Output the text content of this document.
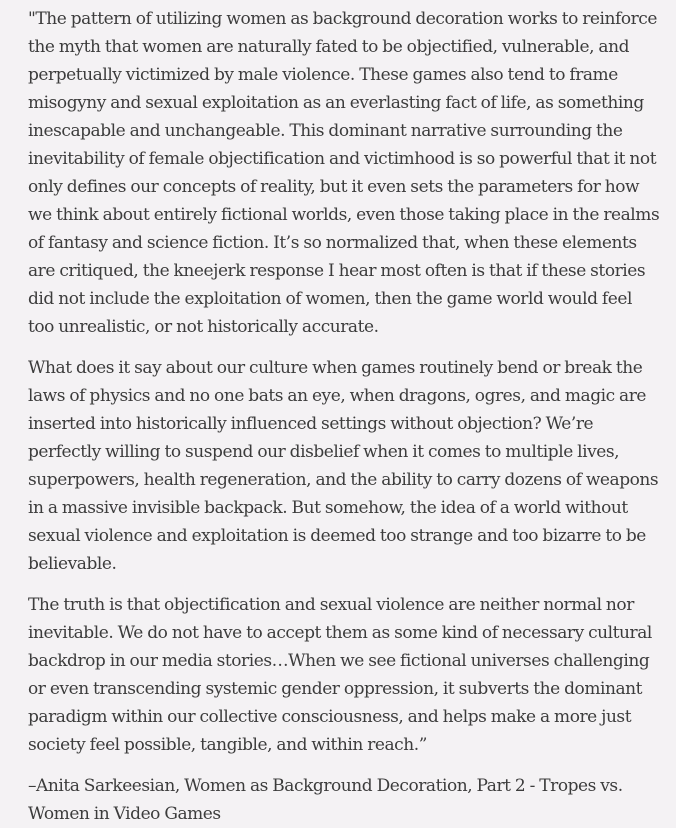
"The pattern of utilizing women as background decoration works to reinforce the myth that women are naturally fated to be objectified, vulnerable, and perpetually victimized by male violence. These games also tend to frame misogyny and sexual exploitation as an everlasting fact of life, as something inescapable and unchangeable. This dominant narrative surrounding the inevitability of female objectification and victimhood is so powerful that it not only defines our concepts of reality, but it even sets the parameters for how we think about entirely fictional worlds, even those taking place in the realms of fantasy and science fiction. It’s so normalized that, when these elements are critiqued, the kneejerk response I hear most often is that if these stories did not include the exploitation of women, then the game world would feel too unrealistic, or not historically accurate.

What does it say about our culture when games routinely bend or break the laws of physics and no one bats an eye, when dragons, ogres, and magic are inserted into historically influenced settings without objection? We’re perfectly willing to suspend our disbelief when it comes to multiple lives, superpowers, health regeneration, and the ability to carry dozens of weapons in a massive invisible backpack. But somehow, the idea of a world without sexual violence and exploitation is deemed too strange and too bizarre to be believable.

The truth is that objectification and sexual violence are neither normal nor inevitable. We do not have to accept them as some kind of necessary cultural backdrop in our media stories…When we see fictional universes challenging or even transcending systemic gender oppression, it subverts the dominant paradigm within our collective consciousness, and helps make a more just society feel possible, tangible, and within reach.”

–Anita Sarkeesian, Women as Background Decoration, Part 2 - Tropes vs. Women in Video Games
